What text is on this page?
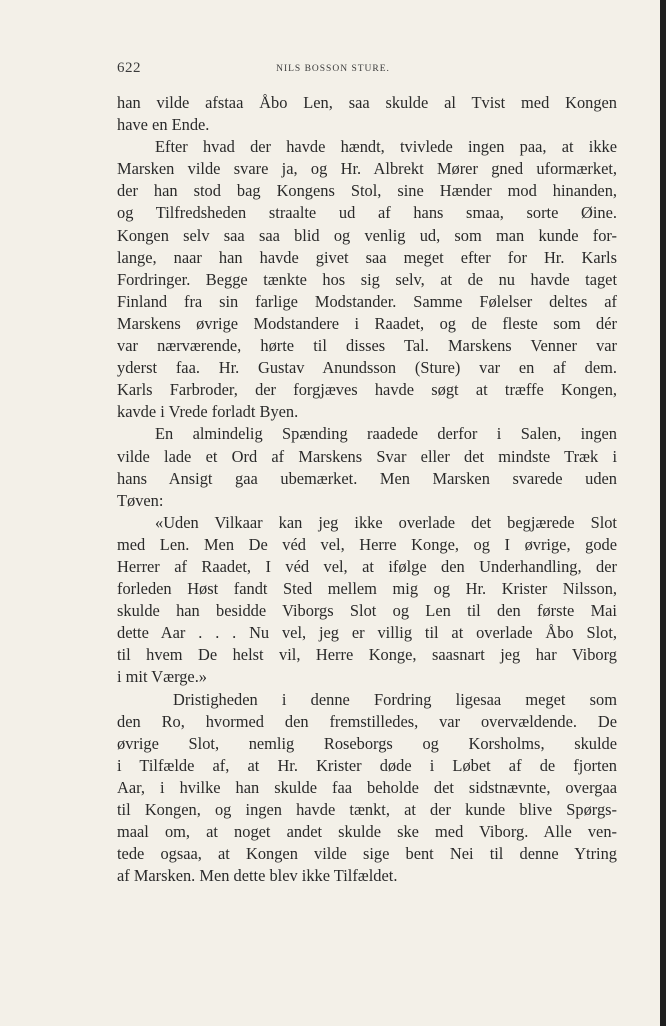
622	NILS BOSSON STURE.
han vilde afstaa Åbo Len, saa skulde al Tvist med Kongen
have en Ende.
Efter hvad der havde hændt, tvivlede ingen paa, at ikke
Marsken vilde svare ja, og Hr. Albrekt Mører gned uformærket,
der han stod bag Kongens Stol, sine Hænder mod hinanden,
og Tilfredsheden straalte ud af hans smaa, sorte Øine.
Kongen selv saa saa blid og venlig ud, som man kunde for-
lange, naar han havde givet saa meget efter for Hr. Karls
Fordringer. Begge tænkte hos sig selv, at de nu havde taget
Finland fra sin farlige Modstander. Samme Følelser deltes af
Marskens øvrige Modstandere i Raadet, og de fleste som dér
var nærværende, hørte til disses Tal. Marskens Venner var
yderst faa. Hr. Gustav Anundsson (Sture) var en af dem.
Karls Farbroder, der forgjæves havde søgt at træffe Kongen,
kavde i Vrede forladt Byen.
En almindelig Spænding raadede derfor i Salen, ingen
vilde lade et Ord af Marskens Svar eller det mindste Træk i
hans Ansigt gaa ubemærket. Men Marsken svarede uden
Tøven:
«Uden Vilkaar kan jeg ikke overlade det begjærede Slot
med Len. Men De véd vel, Herre Konge, og I øvrige, gode
Herrer af Raadet, I véd vel, at ifølge den Underhandling, der
forleden Høst fandt Sted mellem mig og Hr. Krister Nilsson,
skulde han besidde Viborgs Slot og Len til den første Mai
dette Aar . . . Nu vel, jeg er villig til at overlade Åbo Slot,
til hvem De helst vil, Herre Konge, saasnart jeg har Viborg
i mit Værge.»
Dristigheden i denne Fordring ligesaa meget som
den Ro, hvormed den fremstilledes, var overvældende. De
øvrige Slot, nemlig Roseborgs og Korsholms, skulde
i Tilfælde af, at Hr. Krister døde i Løbet af de fjorten
Aar, i hvilke han skulde faa beholde det sidstnævnte, overgaa
til Kongen, og ingen havde tænkt, at der kunde blive Spørgs-
maal om, at noget andet skulde ske med Viborg. Alle ven-
tede ogsaa, at Kongen vilde sige bent Nei til denne Ytring
af Marsken. Men dette blev ikke Tilfældet.
